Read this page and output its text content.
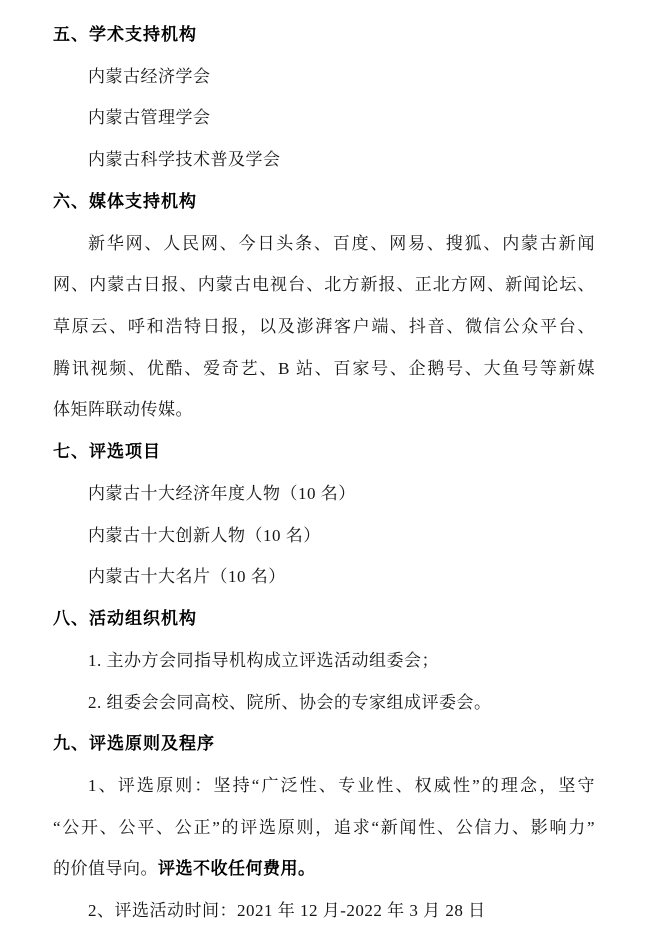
五、学术支持机构
内蒙古经济学会
内蒙古管理学会
内蒙古科学技术普及学会
六、媒体支持机构
新华网、人民网、今日头条、百度、网易、搜狐、内蒙古新闻
网、内蒙古日报、内蒙古电视台、北方新报、正北方网、新闻论坛、
草原云、呼和浩特日报，以及澎湃客户端、抖音、微信公众平台、
腾讯视频、优酷、爱奇艺、B 站、百家号、企鹅号、大鱼号等新媒
体矩阵联动传媒。
七、评选项目
内蒙古十大经济年度人物（10 名）
内蒙古十大创新人物（10 名）
内蒙古十大名片（10 名）
八、活动组织机构
1. 主办方会同指导机构成立评选活动组委会；
2. 组委会会同高校、院所、协会的专家组成评委会。
九、评选原则及程序
1、评选原则：坚持“广泛性、专业性、权威性”的理念，坚守
“公开、公平、公正”的评选原则，追求“新闻性、公信力、影响力”
的价值导向。评选不收任何费用。
2、评选活动时间：2021 年 12 月-2022 年 3 月 28 日
